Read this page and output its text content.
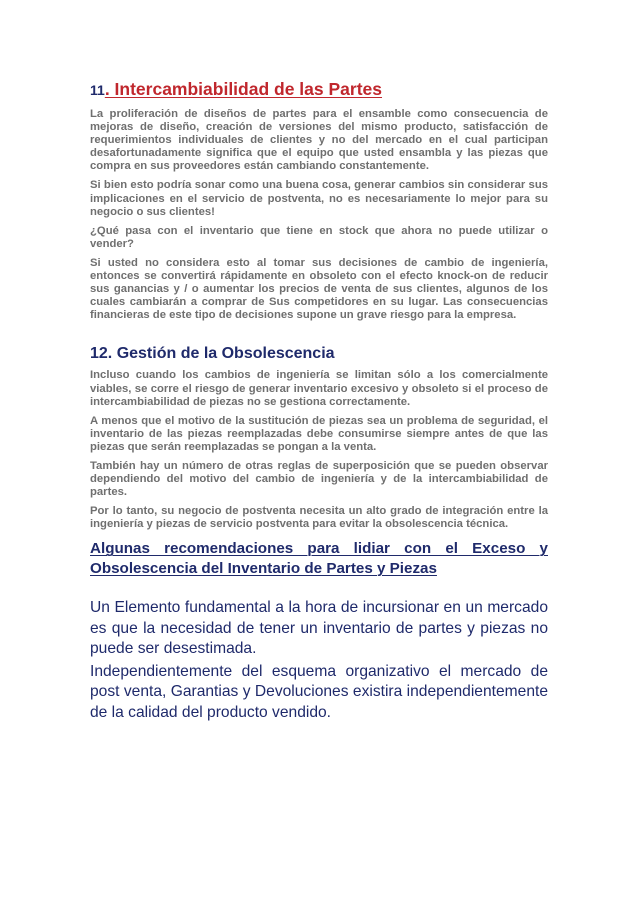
11. Intercambiabilidad de las Partes

La proliferación de diseños de partes para el ensamble como consecuencia de mejoras de diseño, creación de versiones del mismo producto, satisfacción de requerimientos individuales de clientes y no del mercado en el cual participan desafortunadamente significa que el equipo que usted ensambla y las piezas que compra en sus proveedores están cambiando constantemente.

Si bien esto podría sonar como una buena cosa, generar cambios sin considerar sus implicaciones en el servicio de postventa, no es necesariamente lo mejor para su negocio o sus clientes!

¿Qué pasa con el inventario que tiene en stock que ahora no puede utilizar o vender?

Si usted no considera esto al tomar sus decisiones de cambio de ingeniería, entonces se convertirá rápidamente en obsoleto con el efecto knock-on de reducir sus ganancias y / o aumentar los precios de venta de sus clientes, algunos de los cuales cambiarán a comprar de Sus competidores en su lugar. Las consecuencias financieras de este tipo de decisiones supone un grave riesgo para la empresa.

12. Gestión de la Obsolescencia

Incluso cuando los cambios de ingeniería se limitan sólo a los comercialmente viables, se corre el riesgo de generar inventario excesivo y obsoleto si el proceso de intercambiabilidad de piezas no se gestiona correctamente.

A menos que el motivo de la sustitución de piezas sea un problema de seguridad, el inventario de las piezas reemplazadas debe consumirse siempre antes de que las piezas que serán reemplazadas se pongan a la venta.

También hay un número de otras reglas de superposición que se pueden observar dependiendo del motivo del cambio de ingeniería y de la intercambiabilidad de partes.

Por lo tanto, su negocio de postventa necesita un alto grado de integración entre la ingeniería y piezas de servicio postventa para evitar la obsolescencia técnica.

Algunas recomendaciones para lidiar con el Exceso y Obsolescencia del Inventario de Partes y Piezas

Un Elemento fundamental a la hora de incursionar en un mercado es que la necesidad de tener un inventario de partes y piezas no puede ser desestimada.

Independientemente del esquema organizativo el mercado de post venta, Garantias y Devoluciones existira independientemente de la calidad del producto vendido.
